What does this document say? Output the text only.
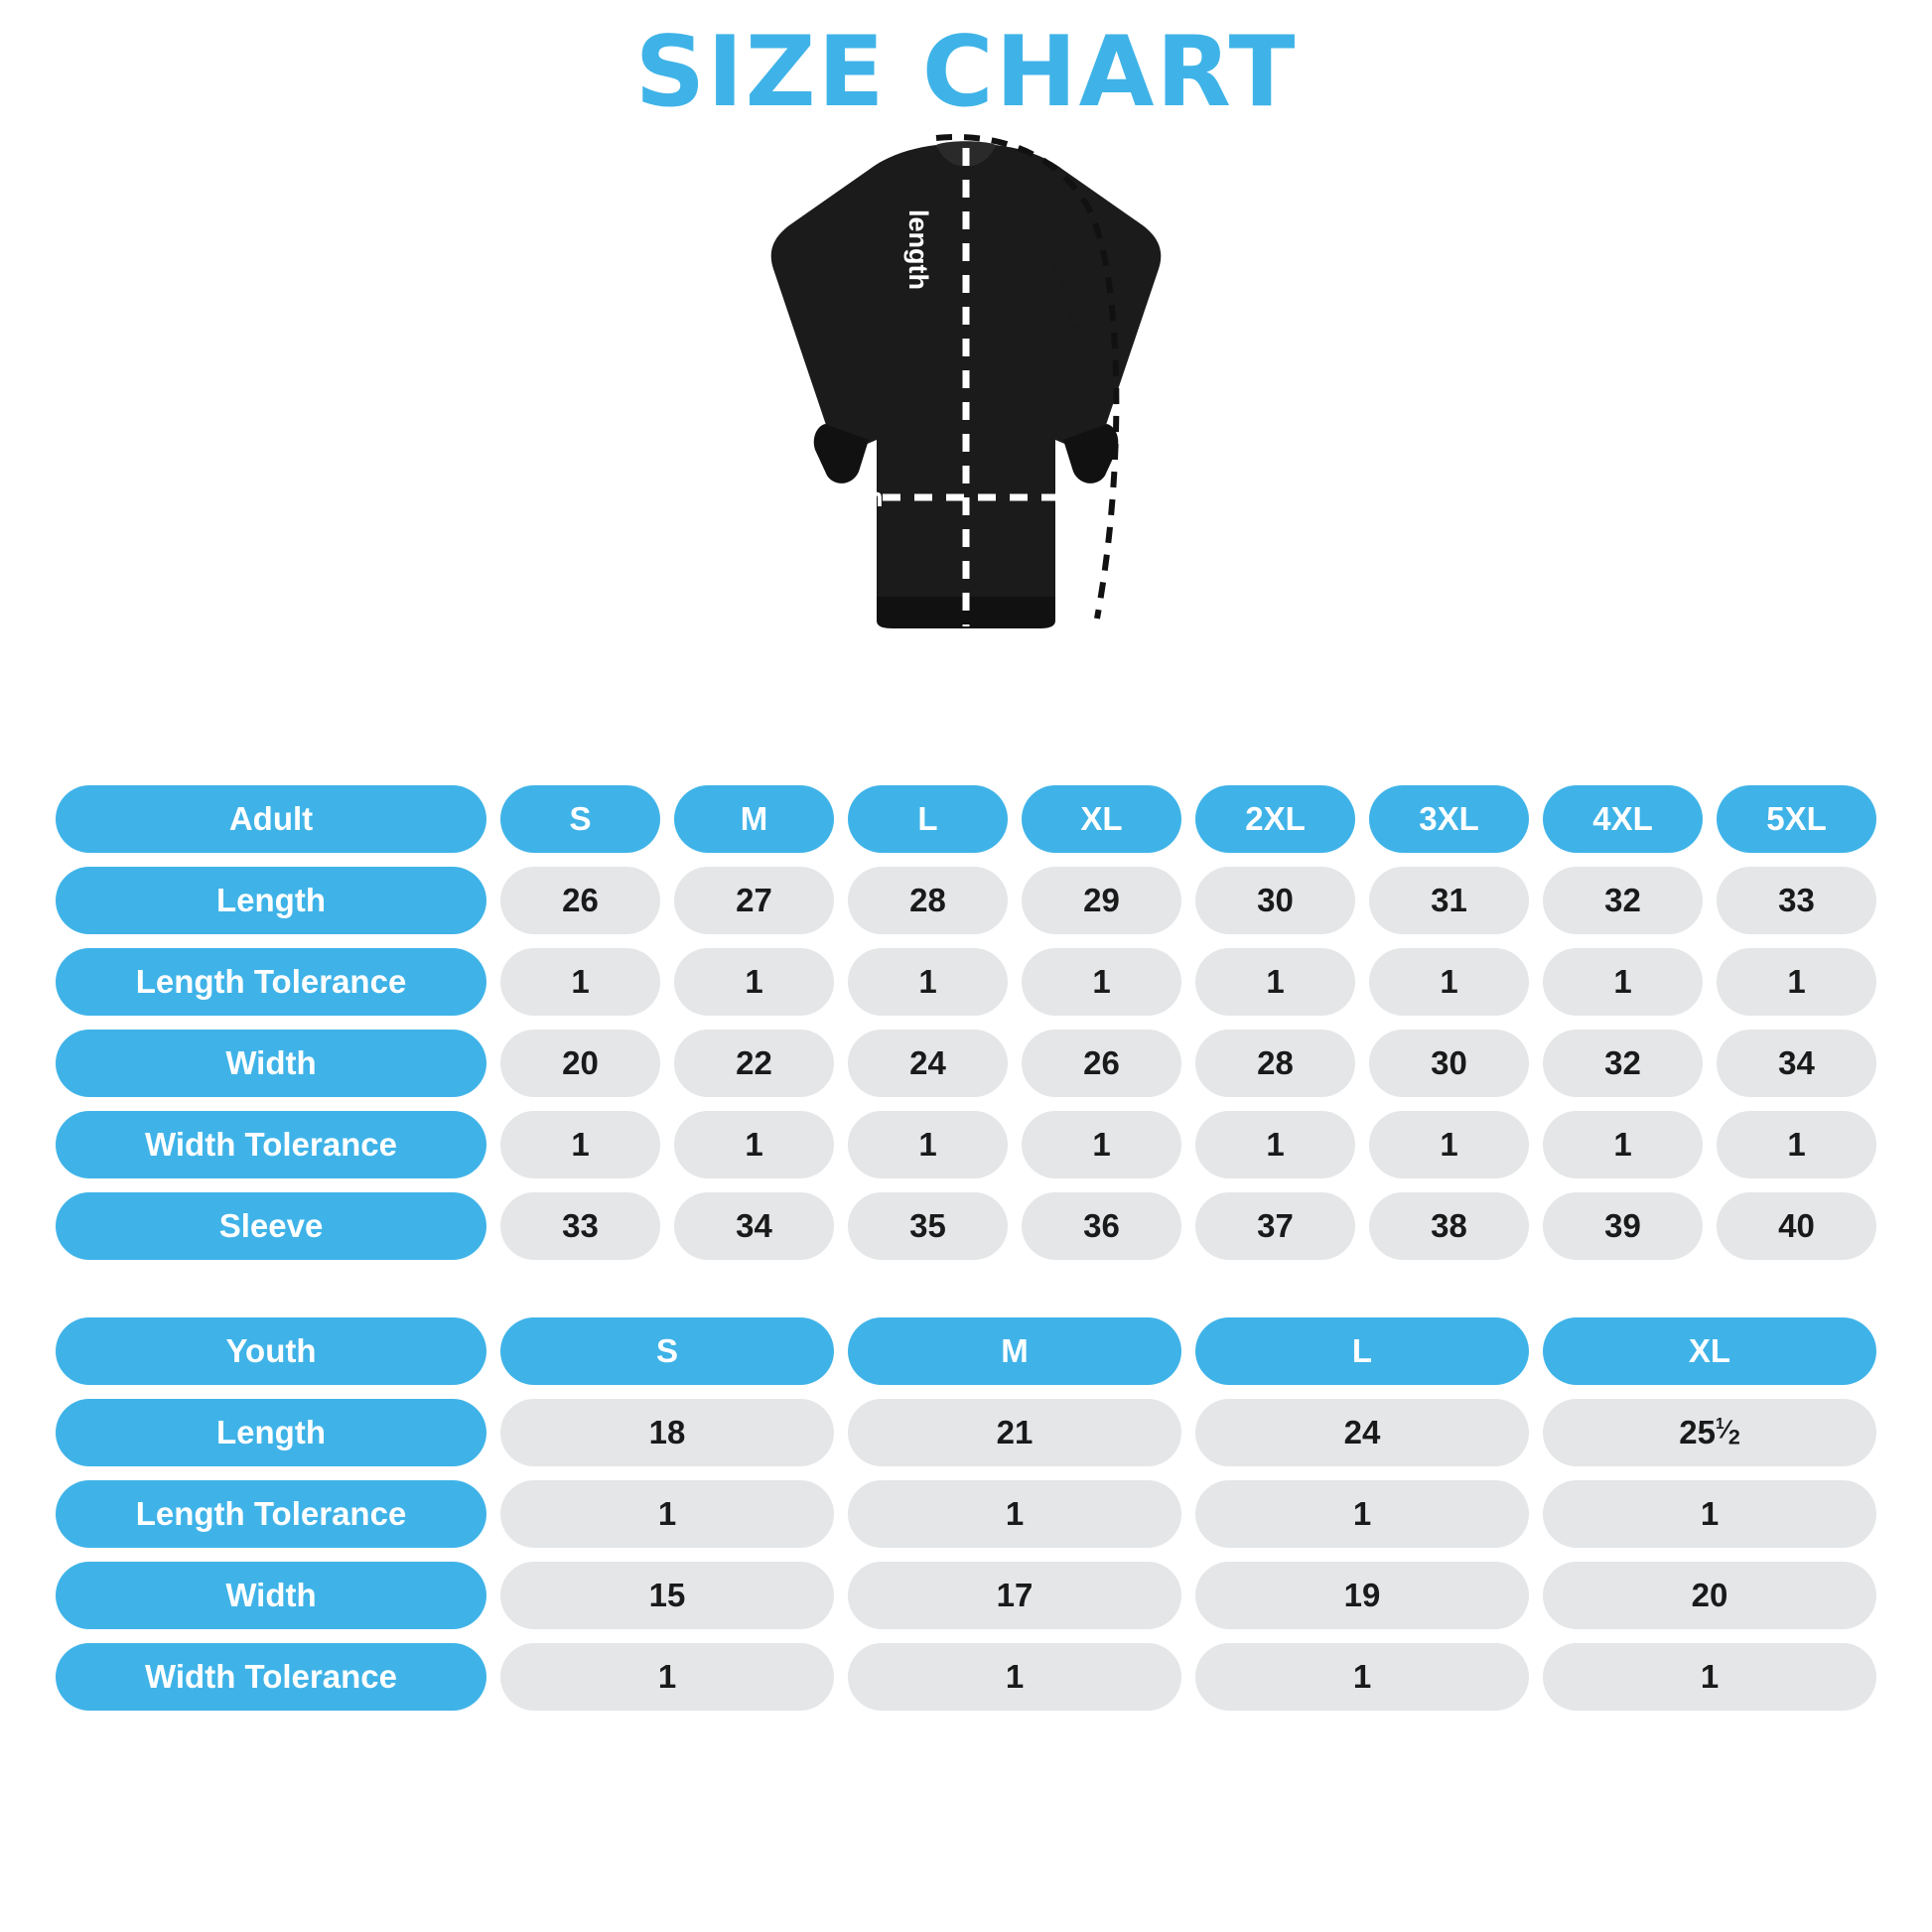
SIZE CHART
width
length
sleeve
Adult	S	M	L	XL	2XL	3XL	4XL	5XL
Length	26	27	28	29	30	31	32	33
Length Tolerance	1	1	1	1	1	1	1	1
Width	20	22	24	26	28	30	32	34
Width Tolerance	1	1	1	1	1	1	1	1
Sleeve	33	34	35	36	37	38	39	40
Youth	S	M	L	XL
Length	18	21	24	25 $^1⁄_2$
Length Tolerance	1	1	1	1
Width	15	17	19	20
Width Tolerance	1	1	1	1
